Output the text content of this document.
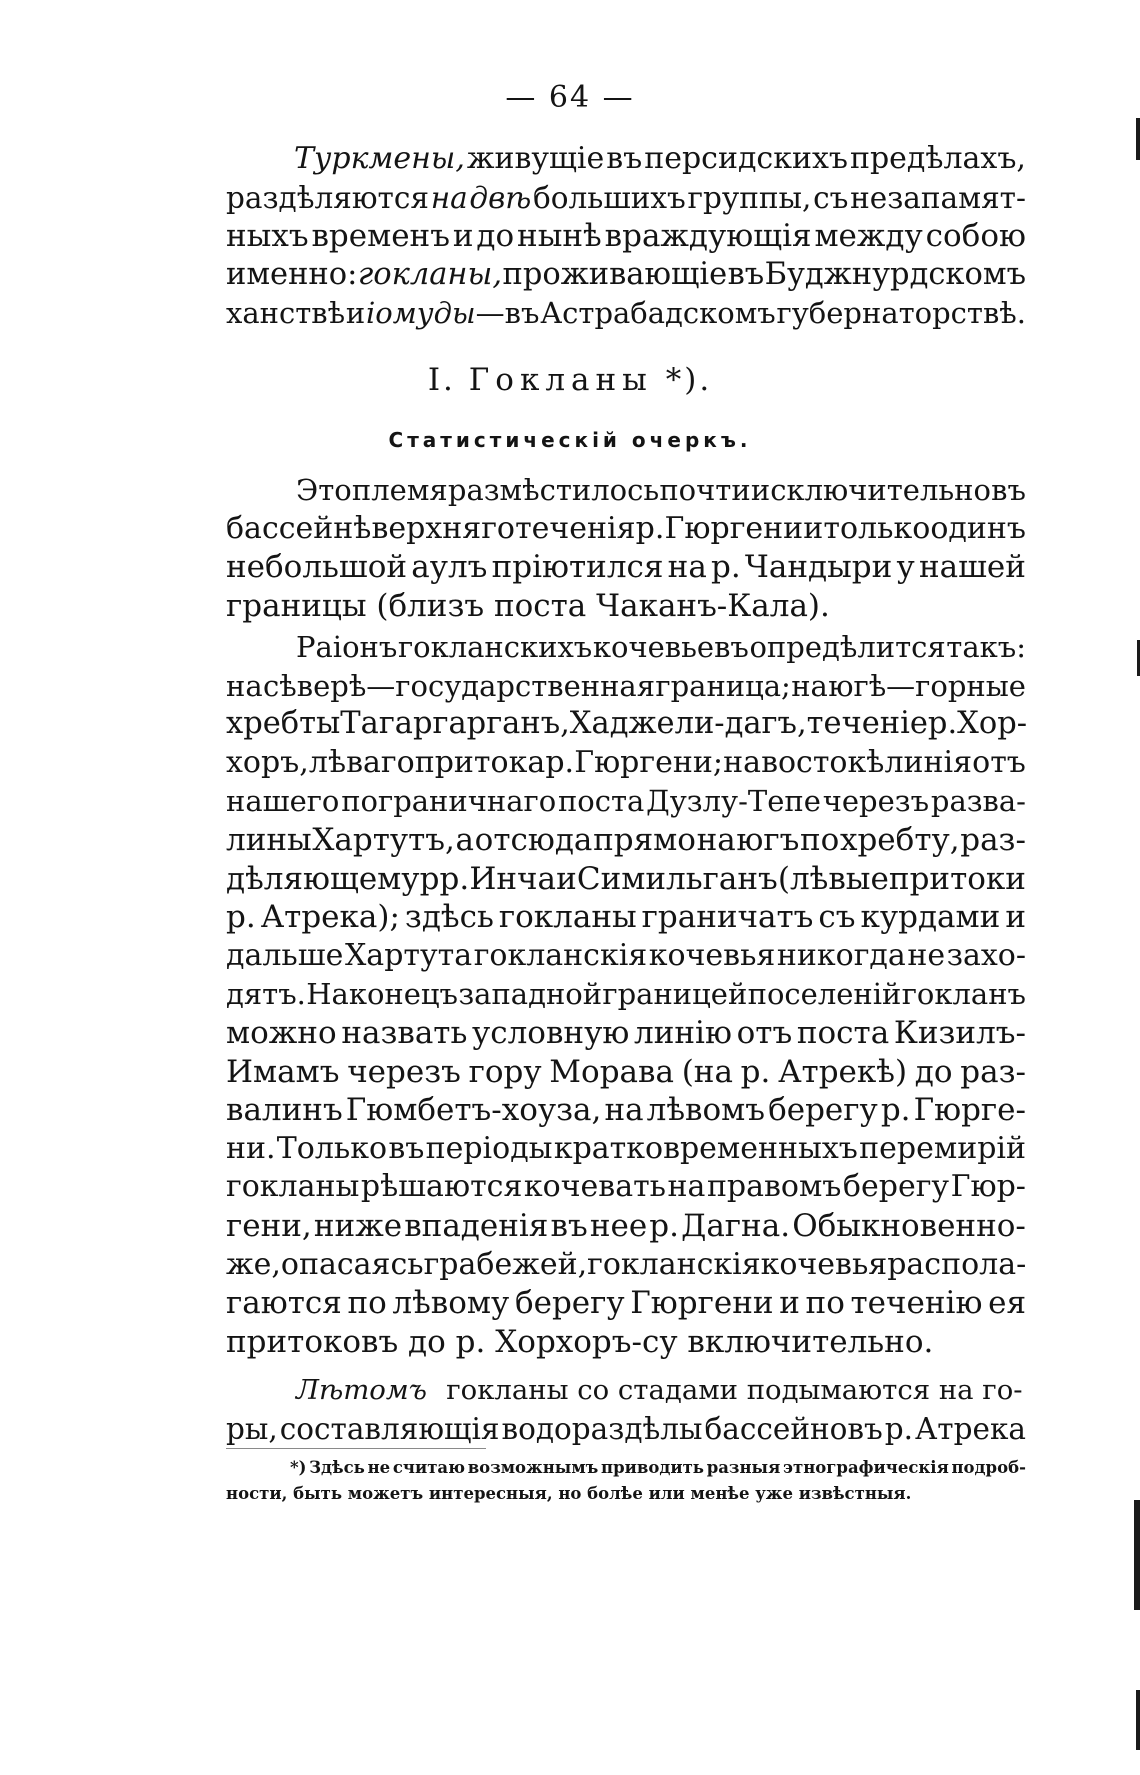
— 64 —
Туркмены, живущіе въ персидскихъ предѣлахъ,
раздѣляются на двѣ большихъ группы, съ незапамят-
ныхъ временъ и до нынѣ враждующія между собою
именно: гокланы, проживающіе въ Буджнурдскомъ
ханствѣ и іомуды—въ Астрабадскомъ губернаторствѣ.
I. Гокланы *).
Статистическій очеркъ.
Это племя размѣстилось почти исключительно въ
бассейнѣ верхняго теченія р. Гюргени и только одинъ
небольшой аулъ пріютился на р. Чандыри у нашей
границы (близъ поста Чаканъ-Кала).
Раіонъ гокланскихъ кочевьевъ опредѣлится такъ:
на сѣверѣ—государственная граница; на югѣ—горные
хребты Тагаргарганъ, Хаджели-дагъ, теченіе р. Хор-
хоръ, лѣваго притока р. Гюргени; на востокѣ линія отъ
нашего пограничнаго поста Дузлу-Тепе черезъ разва-
лины Хартутъ, а отсюда прямо на югъ по хребту, раз-
дѣляющему рр. Инча и Симильганъ (лѣвые притоки
р. Атрека); здѣсь гокланы граничатъ съ курдами и
дальше Хартута гокланскія кочевья никогда не захо-
дятъ. Наконецъ западной границей поселеній гокланъ
можно назвать условную линію отъ поста Кизилъ-
Имамъ черезъ гору Морава (на р. Атрекѣ) до раз-
валинъ Гюмбетъ-хоуза, на лѣвомъ берегу р. Гюрге-
ни. Только въ періоды кратковременныхъ перемирій
гокланы рѣшаются кочевать на правомъ берегу Гюр-
гени, ниже впаденія въ нее р. Дагна. Обыкновенно-
же, опасаясь грабежей, гокланскія кочевья распола-
гаются по лѣвому берегу Гюргени и по теченію ея
притоковъ до р. Хорхоръ-су включительно.
Лѣтомъ гокланы со стадами подымаются на го-
ры, составляющія водораздѣлы бассейновъ р. Атрека
*) Здѣсь не считаю возможнымъ приводить разныя этнографическія подроб-
ности, быть можетъ интересныя, но болѣе или менѣе уже извѣстныя.
